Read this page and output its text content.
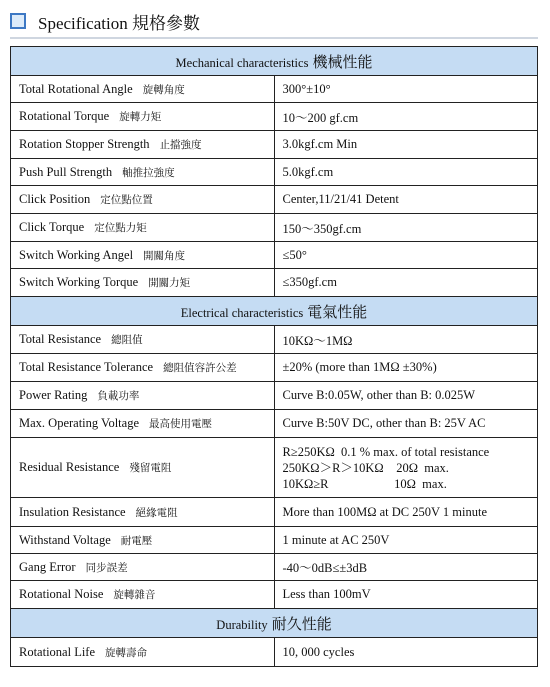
Specification 規格參數
Mechanical characteristics 機械性能	
Total Rotational Angle 旋轉角度	300°±10°
Rotational Torque 旋轉力矩	10～200 gf.cm
Rotation Stopper Strength 止擋強度	3.0kgf.cm Min
Push Pull Strength 軸推拉強度	5.0kgf.cm
Click Position 定位點位置	Center,11/21/41 Detent
Click Torque 定位點力矩	150～350gf.cm
Switch Working Angel 開關角度	≤50°
Switch Working Torque 開關力矩	≤350gf.cm
Electrical characteristics 電氣性能	
Total Resistance 總阻值	10KΩ～1MΩ
Total Resistance Tolerance 總阻值容許公差	±20% (more than 1MΩ ±30%)
Power Rating 負載功率	Curve B:0.05W, other than B: 0.025W
Max. Operating Voltage 最高使用電壓	Curve B:50V DC, other than B: 25V AC
Residual Resistance 殘留電阻	R≥250KΩ  0.1 % max. of total resistance
250KΩ＞R＞10KΩ    20Ω  max.
10KΩ≥R                     10Ω  max.

Insulation Resistance 絕緣電阻	More than 100MΩ at DC 250V 1 minute
Withstand Voltage 耐電壓	1 minute at AC 250V
Gang Error 同步誤差	-40～0dB≤±3dB
Rotational Noise 旋轉雜音	Less than 100mV
Durability 耐久性能	
Rotational Life 旋轉壽命	10, 000 cycles
